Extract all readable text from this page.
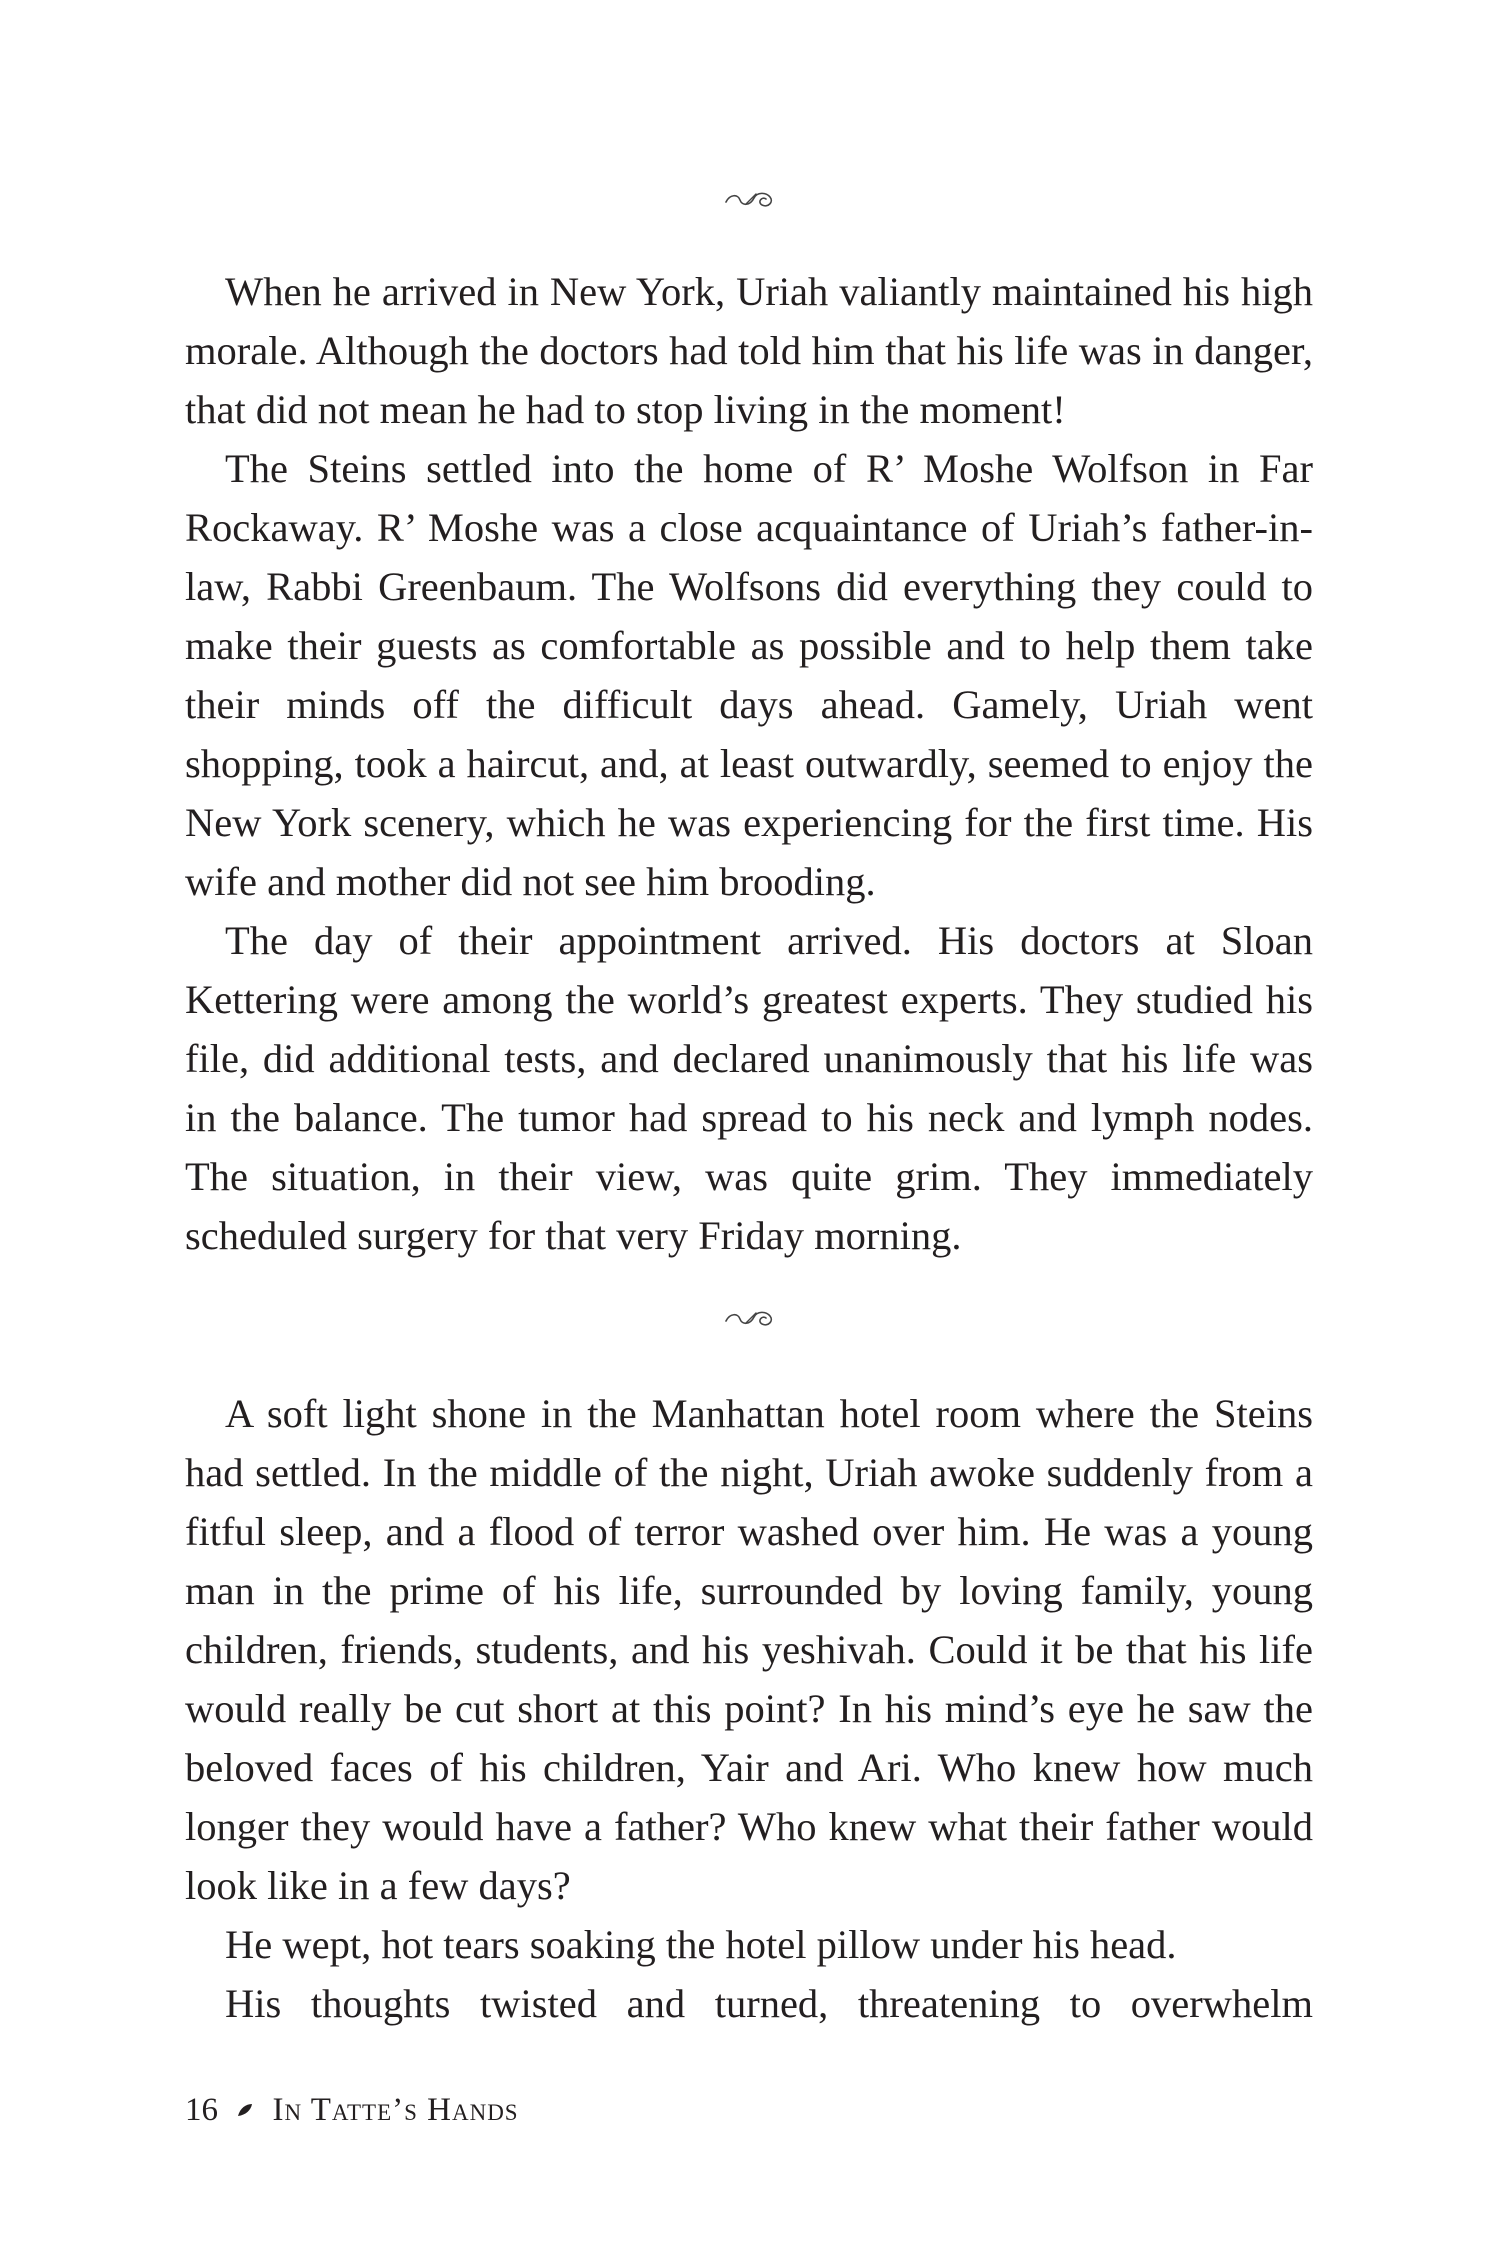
When he arrived in New York, Uriah valiantly maintained his high morale. Although the doctors had told him that his life was in danger, that did not mean he had to stop living in the moment!

The Steins settled into the home of R’ Moshe Wolfson in Far Rockaway. R’ Moshe was a close acquaintance of Uriah’s father-in-law, Rabbi Greenbaum. The Wolfsons did everything they could to make their guests as comfortable as possible and to help them take their minds off the difficult days ahead. Gamely, Uriah went shopping, took a haircut, and, at least outwardly, seemed to enjoy the New York scenery, which he was experiencing for the first time. His wife and mother did not see him brooding.

The day of their appointment arrived. His doctors at Sloan Kettering were among the world’s greatest experts. They studied his file, did additional tests, and declared unanimously that his life was in the balance. The tumor had spread to his neck and lymph nodes. The situation, in their view, was quite grim. They immediately scheduled surgery for that very Friday morning.

A soft light shone in the Manhattan hotel room where the Steins had settled. In the middle of the night, Uriah awoke suddenly from a fitful sleep, and a flood of terror washed over him. He was a young man in the prime of his life, surrounded by loving family, young children, friends, students, and his yeshivah. Could it be that his life would really be cut short at this point? In his mind’s eye he saw the beloved faces of his children, Yair and Ari. Who knew how much longer they would have a father? Who knew what their father would look like in a few days?

He wept, hot tears soaking the hotel pillow under his head.

His thoughts twisted and turned, threatening to overwhelm

16 In Tatte’s Hands
